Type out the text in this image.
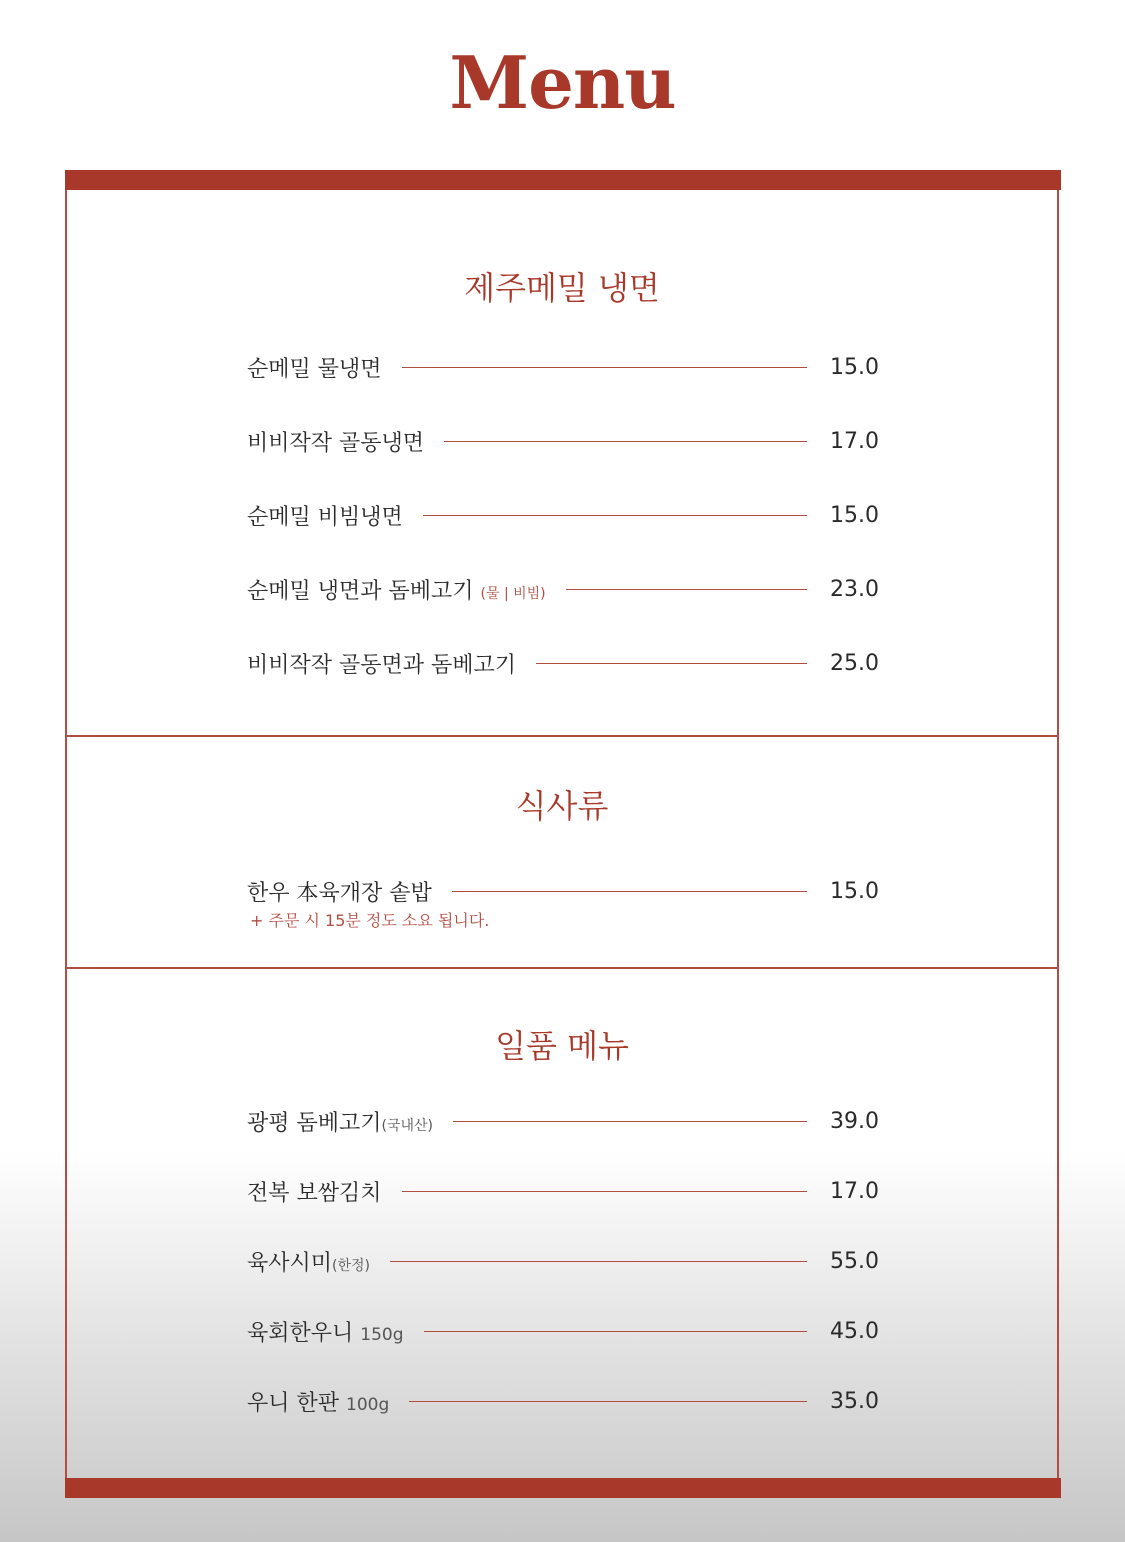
Menu
제주메밀 냉면
순메밀 물냉면	15.0
비비작작 골동냉면	17.0
순메밀 비빔냉면	15.0
순메밀 냉면과 돔베고기 (물 | 비빔)	23.0
비비작작 골동면과 돔베고기	25.0
식사류
한우 本육개장 솥밥	15.0
+ 주문 시 15분 정도 소요 됩니다.
일품 메뉴
광평 돔베고기(국내산)	39.0
전복 보쌈김치	17.0
육사시미(한정)	55.0
육회한우니 150g	45.0
우니 한판 100g	35.0
